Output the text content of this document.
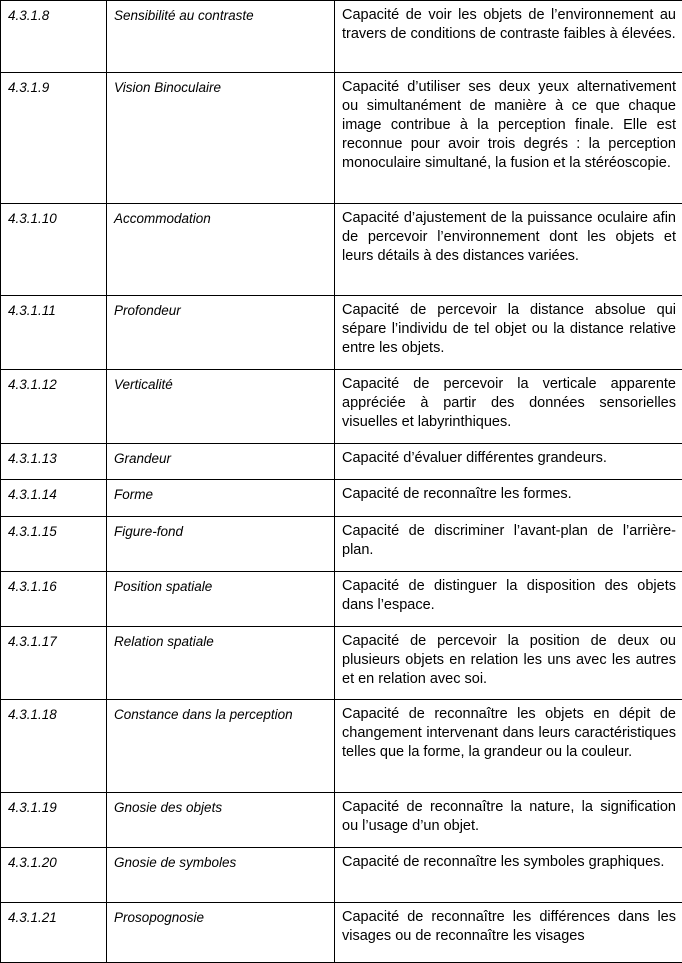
4.3.1.8	Sensibilité au contraste	Capacité de voir les objets de l’environnement au travers de conditions de contraste faibles à élevées.
4.3.1.9	Vision Binoculaire	Capacité d’utiliser ses deux yeux alternativement ou simultanément de manière à ce que chaque image contribue à la perception finale. Elle est reconnue pour avoir trois degrés : la perception monoculaire simultané, la fusion et la stéréoscopie.
4.3.1.10	Accommodation	Capacité d’ajustement de la puissance oculaire afin de percevoir l’environnement dont les objets et leurs détails à des distances variées.
4.3.1.11	Profondeur	Capacité de percevoir la distance absolue qui sépare l’individu de tel objet ou la distance relative entre les objets.
4.3.1.12	Verticalité	Capacité de percevoir la verticale apparente appréciée à partir des données sensorielles visuelles et labyrinthiques.
4.3.1.13	Grandeur	Capacité d’évaluer différentes grandeurs.
4.3.1.14	Forme	Capacité de reconnaître les formes.
4.3.1.15	Figure-fond	Capacité de discriminer l’avant-plan de l’arrière-plan.
4.3.1.16	Position spatiale	Capacité de distinguer la disposition des objets dans l’espace.
4.3.1.17	Relation spatiale	Capacité de percevoir la position de deux ou plusieurs objets en relation les uns avec les autres et en relation avec soi.
4.3.1.18	Constance dans la perception	Capacité de reconnaître les objets en dépit de changement intervenant dans leurs caractéristiques telles que la forme, la grandeur ou la couleur.
4.3.1.19	Gnosie des objets	Capacité de reconnaître la nature, la signification ou l’usage d’un objet.
4.3.1.20	Gnosie de symboles	Capacité de reconnaître les symboles graphiques.
4.3.1.21	Prosopognosie	Capacité de reconnaître les différences dans les visages ou de reconnaître les visages
